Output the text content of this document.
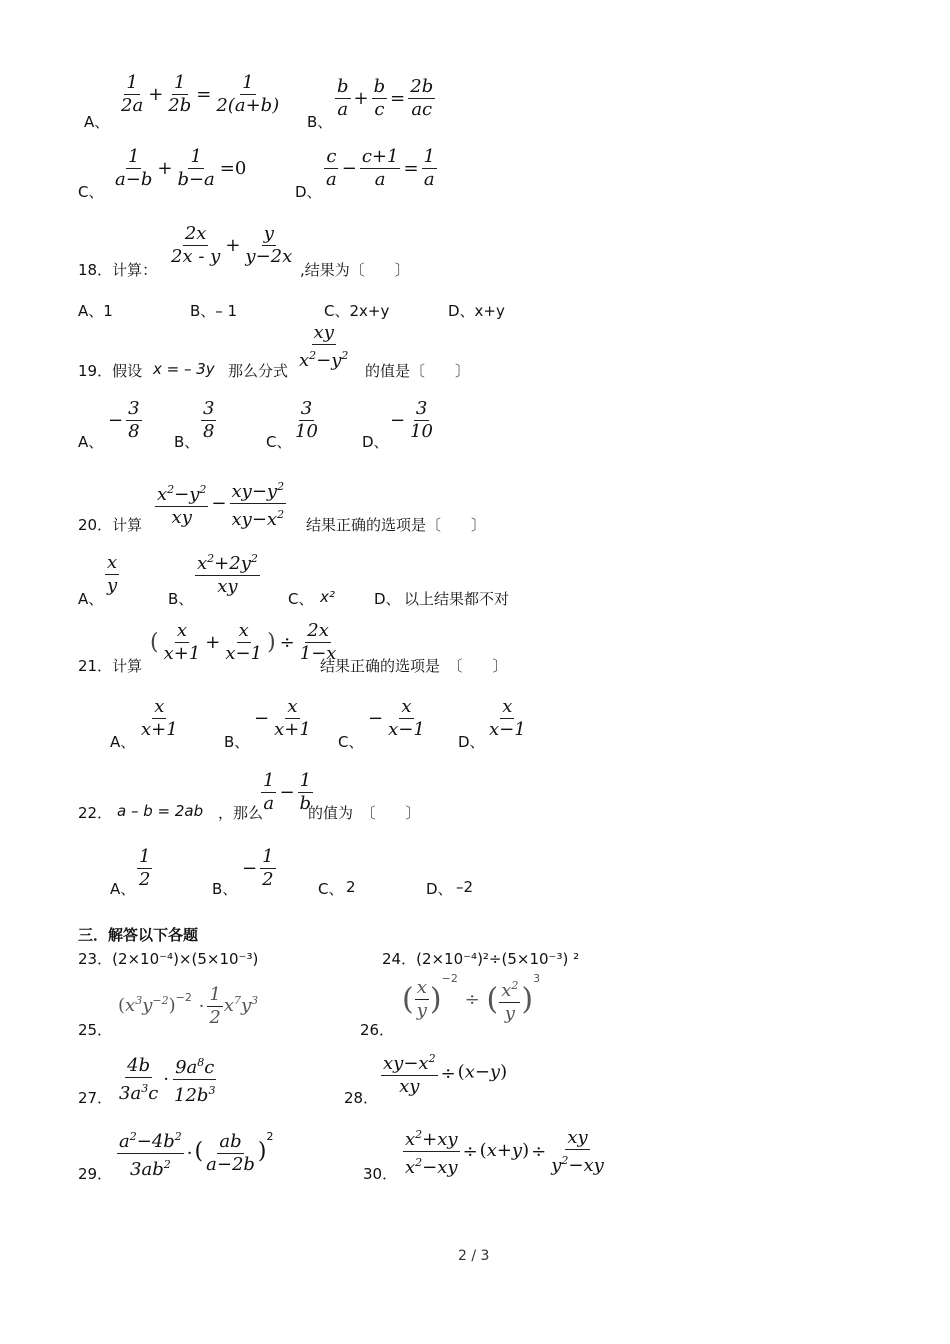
A、
$\frac{1}{2a} + \frac{1}{2b} = \frac{1}{2(a+b)}$
B、
$\frac{b}{a} + \frac{b}{c} = \frac{2b}{ac}$
C、
$\frac{1}{a-b} + \frac{1}{b-a} =0$
D、
$\frac{c}{a} - \frac{c+1}{a} = \frac{1}{a}$
18．计算：
$\frac{2x}{2x - y} + \frac{y}{y-2x}$
,结果为〔　　〕
A、1	B、– 1	C、2x+y	D、x+y
19．假设 x = – 3y 那么分式 $\frac{xy}{x^2-y^2}$ 的值是〔　　〕
A、
− $\frac{3}{8}$ B、 $\frac{3}{8}$	C、 $\frac{3}{10}$	D、
− $\frac{3}{10}$
20．计算 $\frac{x^2-y^2}{xy} - \frac{xy-y^2}{xy-x^2}$ 结果正确的选项是〔　　〕
A、
$\frac{x}{y}$
B、
$\frac{x^2+2y^2}{xy}$
C、 x²	D、 以上结果都不对
21．计算
( $\frac{x}{x+1} + \frac{x}{x-1}$ ) ÷ $\frac{2x}{1-x}$
结果正确的选项是　〔　　〕
A、
$\frac{x}{x+1}$
B、
− $\frac{x}{x+1}$
C、
− $\frac{x}{x-1}$
D、
$\frac{x}{x-1}$
22． a – b = 2ab ，那么
$\frac{1}{a} - \frac{1}{b}$
的值为　〔　　〕
A、 $\frac{1}{2}$	B、
− $\frac{1}{2}$	C、 2	D、 –2
三．解答以下各题
23．(2×10⁻⁴)×(5×10⁻³)	24．(2×10⁻⁴)²÷(5×10⁻³) ²
25．
$(x^3y^{-2})^{-2} \cdot \frac{1}{2} x^7y^3$
26．
( $\frac{x}{y} )^{-2}$ ÷ ( $\frac{x^2}{y} )^3$
27． $\frac{4b}{3a^3c} \cdot \frac{9a^8c}{12b^3}$	28． $\frac{xy-x^2}{xy} \div (x-y)$
29． $\frac{a^2-4b^2}{3ab^2}$ ·( $\frac{ab}{a-2b} )^2$
30． $\frac{x^2+xy}{x^2-xy} \div (x+y) \div \frac{xy}{y^2-xy}$
2 / 3
